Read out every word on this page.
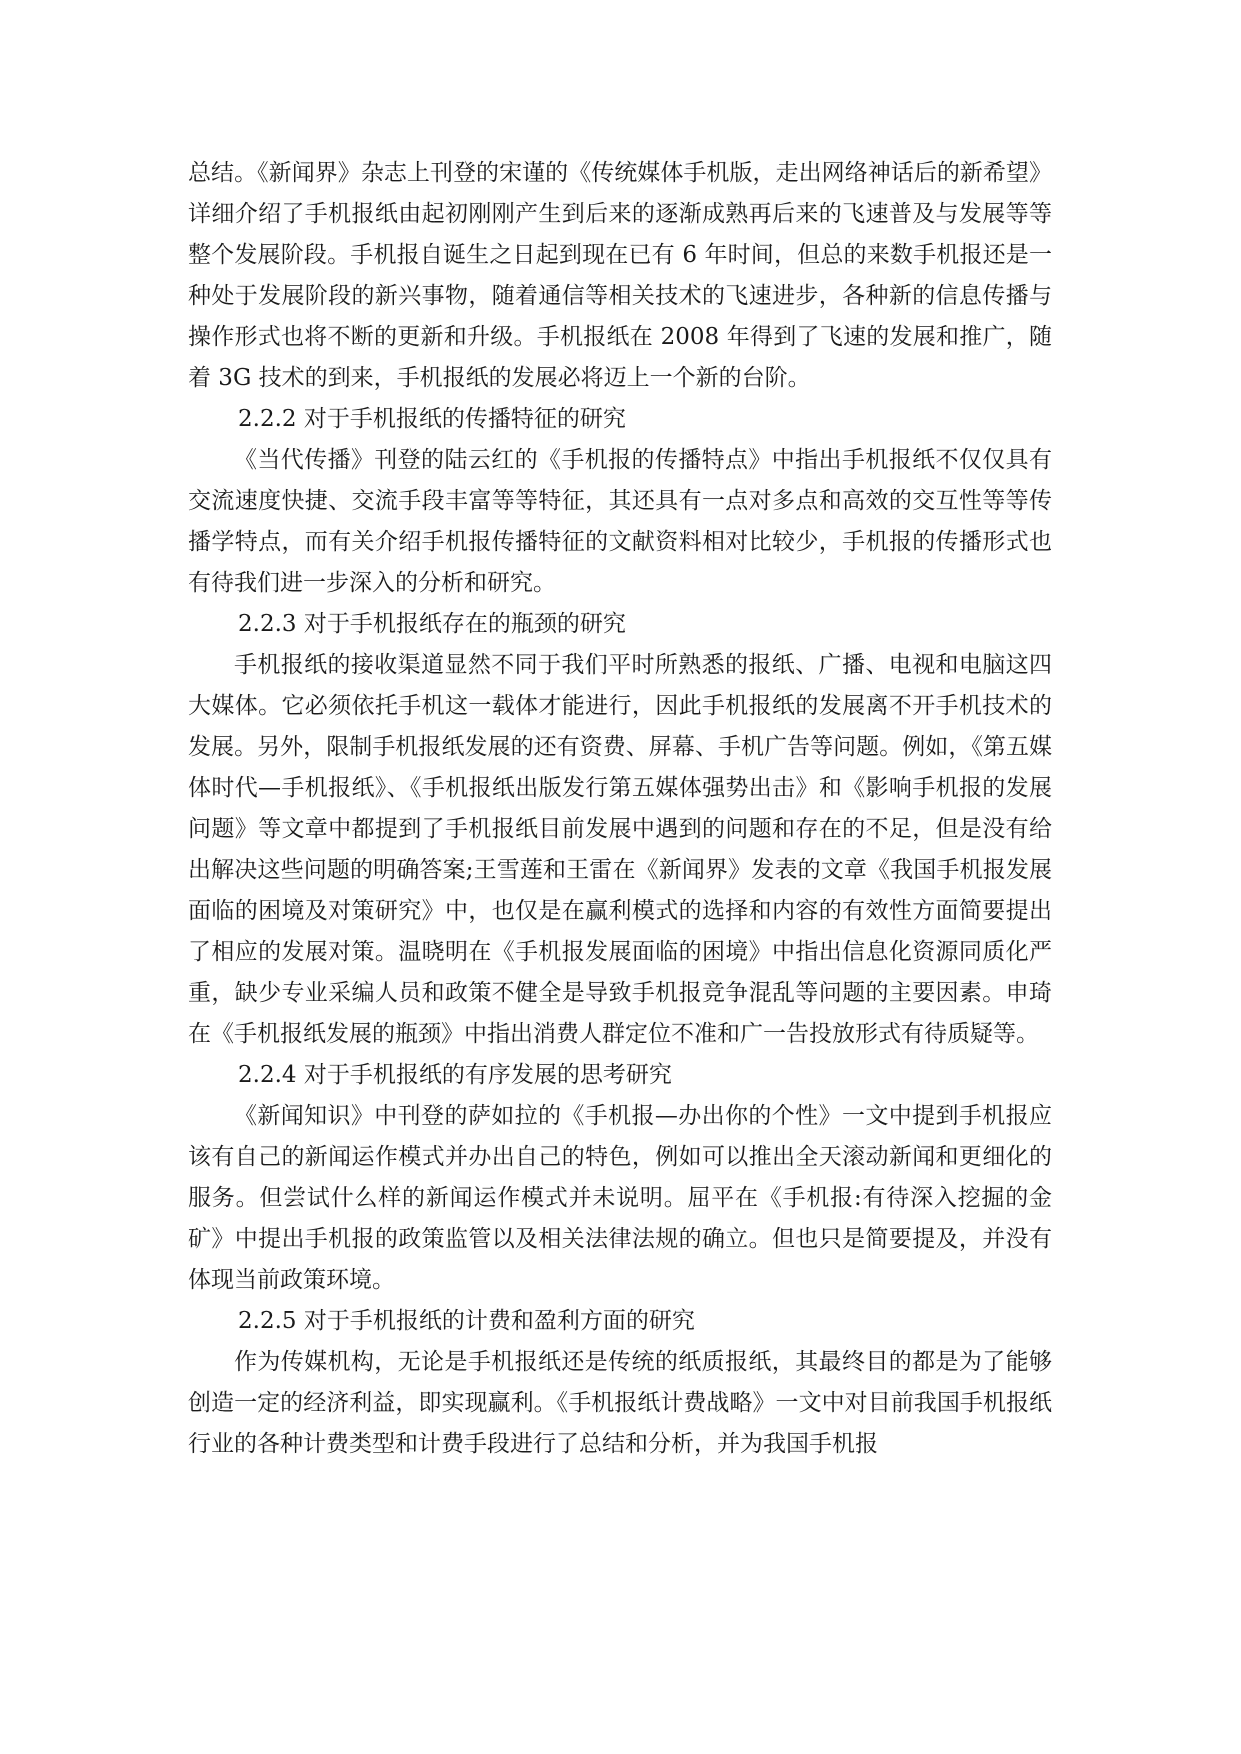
总结。《新闻界》杂志上刊登的宋谨的《传统媒体手机版，走出网络神话后的新希望》详细介绍了手机报纸由起初刚刚产生到后来的逐渐成熟再后来的飞速普及与发展等等整个发展阶段。手机报自诞生之日起到现在已有 6 年时间，但总的来数手机报还是一种处于发展阶段的新兴事物，随着通信等相关技术的飞速进步，各种新的信息传播与操作形式也将不断的更新和升级。手机报纸在 2008 年得到了飞速的发展和推广，随着 3G 技术的到来，手机报纸的发展必将迈上一个新的台阶。

2.2.2 对于手机报纸的传播特征的研究

《当代传播》刊登的陆云红的《手机报的传播特点》中指出手机报纸不仅仅具有交流速度快捷、交流手段丰富等等特征，其还具有一点对多点和高效的交互性等等传播学特点，而有关介绍手机报传播特征的文献资料相对比较少，手机报的传播形式也有待我们进一步深入的分析和研究。

2.2.3 对于手机报纸存在的瓶颈的研究

手机报纸的接收渠道显然不同于我们平时所熟悉的报纸、广播、电视和电脑这四大媒体。它必须依托手机这一载体才能进行，因此手机报纸的发展离不开手机技术的发展。另外，限制手机报纸发展的还有资费、屏幕、手机广告等问题。例如，《第五媒体时代—手机报纸》、《手机报纸出版发行第五媒体强势出击》和《影响手机报的发展问题》等文章中都提到了手机报纸目前发展中遇到的问题和存在的不足，但是没有给出解决这些问题的明确答案;王雪莲和王雷在《新闻界》发表的文章《我国手机报发展面临的困境及对策研究》中，也仅是在赢利模式的选择和内容的有效性方面简要提出了相应的发展对策。温晓明在《手机报发展面临的困境》中指出信息化资源同质化严重，缺少专业采编人员和政策不健全是导致手机报竞争混乱等问题的主要因素。申琦在《手机报纸发展的瓶颈》中指出消费人群定位不准和广一告投放形式有待质疑等。

2.2.4 对于手机报纸的有序发展的思考研究

《新闻知识》中刊登的萨如拉的《手机报—办出你的个性》一文中提到手机报应该有自己的新闻运作模式并办出自己的特色，例如可以推出全天滚动新闻和更细化的服务。但尝试什么样的新闻运作模式并未说明。屈平在《手机报:有待深入挖掘的金矿》中提出手机报的政策监管以及相关法律法规的确立。但也只是简要提及，并没有体现当前政策环境。

2.2.5 对于手机报纸的计费和盈利方面的研究

作为传媒机构，无论是手机报纸还是传统的纸质报纸，其最终目的都是为了能够创造一定的经济利益，即实现赢利。《手机报纸计费战略》一文中对目前我国手机报纸行业的各种计费类型和计费手段进行了总结和分析，并为我国手机报
